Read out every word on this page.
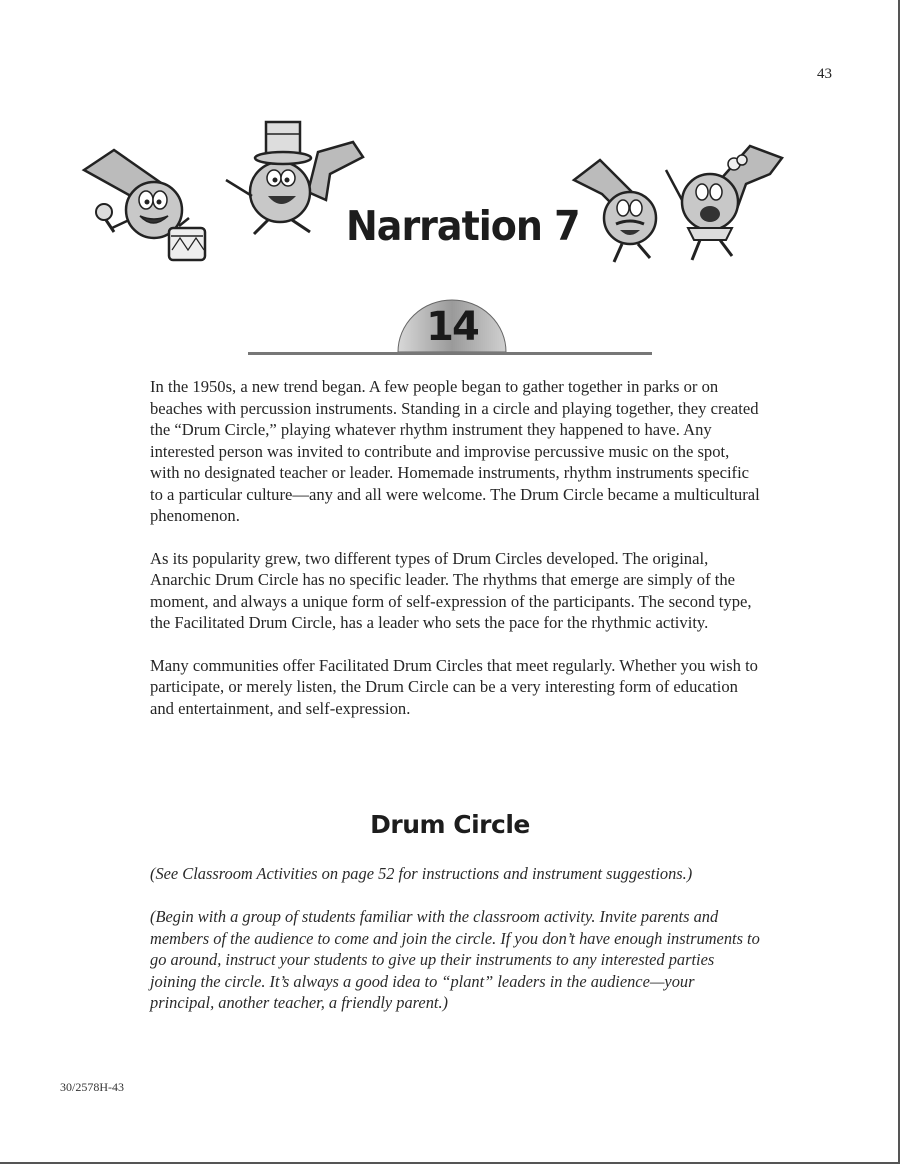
43
Narration 7
14

In the 1950s, a new trend began. A few people began to gather together in parks or on beaches with percussion instruments. Standing in a circle and playing together, they created the “Drum Circle,” playing whatever rhythm instrument they happened to have. Any interested person was invited to contribute and improvise percussive music on the spot, with no designated teacher or leader. Homemade instruments, rhythm instruments specific to a particular culture—any and all were welcome. The Drum Circle became a multicultural phenomenon.

As its popularity grew, two different types of Drum Circles developed. The original, Anarchic Drum Circle has no specific leader. The rhythms that emerge are simply of the moment, and always a unique form of self-expression of the participants. The second type, the Facilitated Drum Circle, has a leader who sets the pace for the rhythmic activity.

Many communities offer Facilitated Drum Circles that meet regularly. Whether you wish to participate, or merely listen, the Drum Circle can be a very interesting form of education and entertainment, and self-expression.

Drum Circle

(See Classroom Activities on page 52 for instructions and instrument suggestions.)

(Begin with a group of students familiar with the classroom activity. Invite parents and members of the audience to come and join the circle. If you don’t have enough instruments to go around, instruct your students to give up their instruments to any interested parties joining the circle. It’s always a good idea to “plant” leaders in the audience—your principal, another teacher, a friendly parent.)

30/2578H-43
